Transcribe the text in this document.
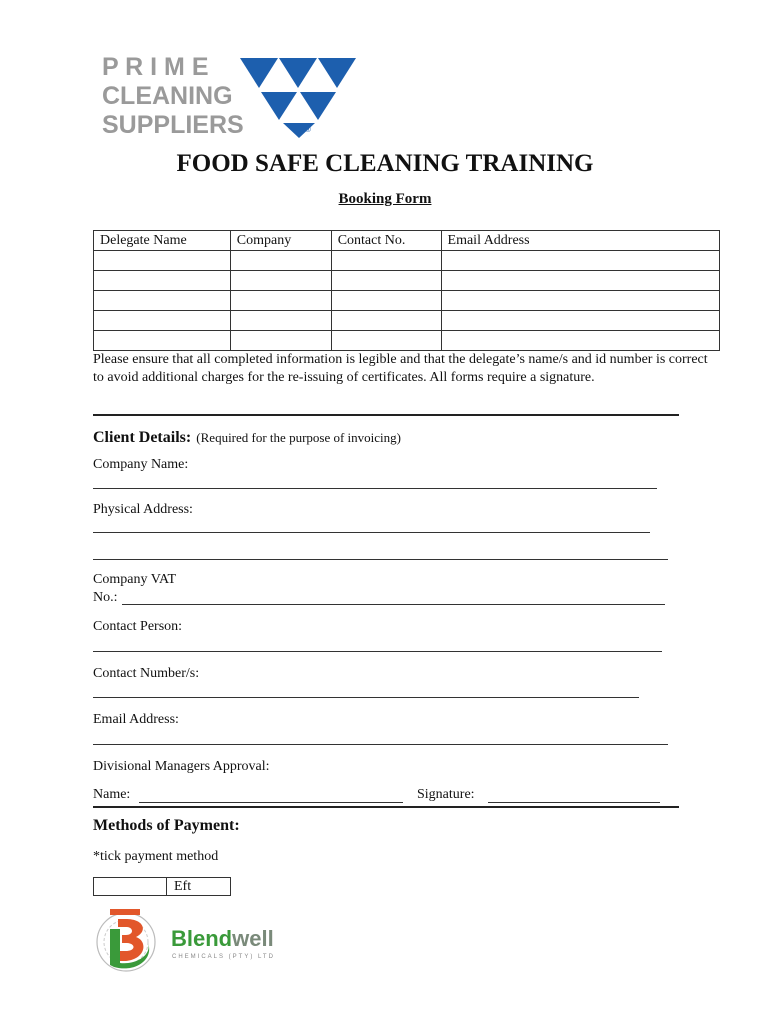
P R I M E
CLEANING
SUPPLIERS	®
FOOD SAFE CLEANING TRAINING
Booking Form
Delegate Name	Company	Contact No.	Email Address

Please ensure that all completed information is legible and that the delegate’s name/s and id number is correct to avoid additional charges for the re-issuing of certificates. All forms require a signature.
Client Details: (Required for the purpose of invoicing)
Company Name:
Physical Address:
Company VAT
No.:
Contact Person:
Contact Number/s:
Email Address:
Divisional Managers Approval:
Name:	Signature:
Methods of Payment:
*tick payment method
Eft
Blendwell
CHEMICALS (PTY) LTD
